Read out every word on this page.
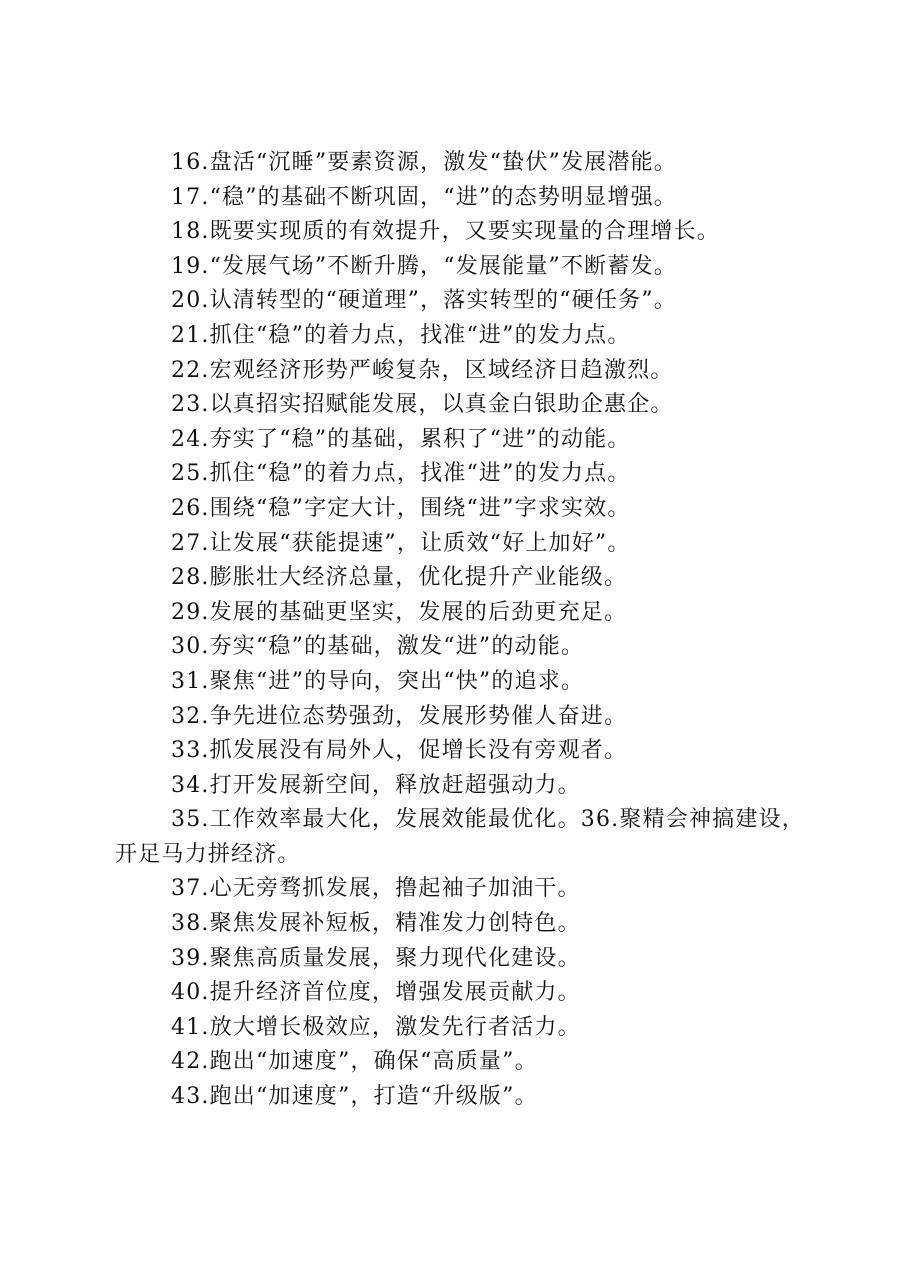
16.盘活“沉睡”要素资源，激发“蛰伏”发展潜能。

17.“稳”的基础不断巩固，“进”的态势明显增强。

18.既要实现质的有效提升，又要实现量的合理增长。

19.“发展气场”不断升腾，“发展能量”不断蓄发。

20.认清转型的“硬道理”，落实转型的“硬任务”。

21.抓住“稳”的着力点，找准“进”的发力点。

22.宏观经济形势严峻复杂，区域经济日趋激烈。

23.以真招实招赋能发展，以真金白银助企惠企。

24.夯实了“稳”的基础，累积了“进”的动能。

25.抓住“稳”的着力点，找准“进”的发力点。

26.围绕“稳”字定大计，围绕“进”字求实效。

27.让发展“获能提速”，让质效“好上加好”。

28.膨胀壮大经济总量，优化提升产业能级。

29.发展的基础更坚实，发展的后劲更充足。

30.夯实“稳”的基础，激发“进”的动能。

31.聚焦“进”的导向，突出“快”的追求。

32.争先进位态势强劲，发展形势催人奋进。

33.抓发展没有局外人，促增长没有旁观者。

34.打开发展新空间，释放赶超强动力。

35.工作效率最大化，发展效能最优化。36.聚精会神搞建设，开足马力拼经济。

37.心无旁骛抓发展，撸起袖子加油干。

38.聚焦发展补短板，精准发力创特色。

39.聚焦高质量发展，聚力现代化建设。

40.提升经济首位度，增强发展贡献力。

41.放大增长极效应，激发先行者活力。

42.跑出“加速度”，确保“高质量”。

43.跑出“加速度”，打造“升级版”。
